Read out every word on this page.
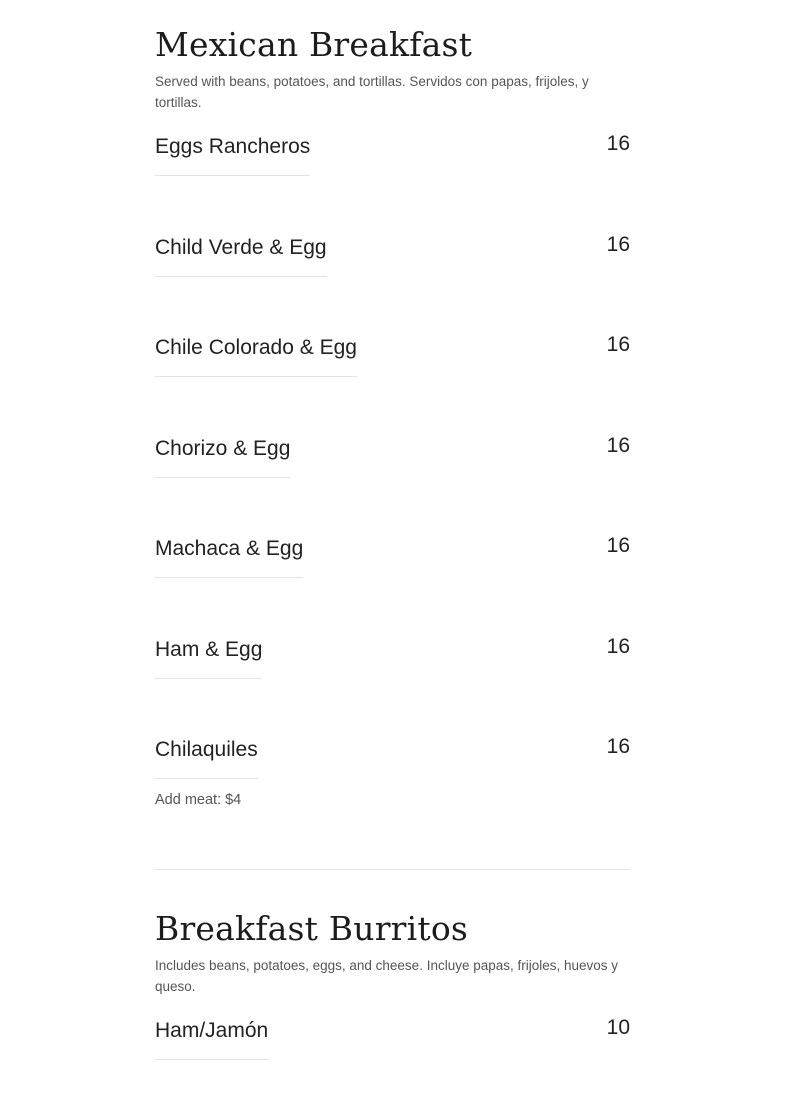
Mexican Breakfast

Served with beans, potatoes, and tortillas. Servidos con papas, frijoles, y tortillas.

Eggs Rancheros	16
Child Verde & Egg	16
Chile Colorado & Egg	16
Chorizo & Egg	16
Machaca & Egg	16
Ham & Egg	16
Chilaquiles	16
Add meat: $4
Breakfast Burritos

Includes beans, potatoes, eggs, and cheese. Incluye papas, frijoles, huevos y queso.

Ham/Jamón	10
